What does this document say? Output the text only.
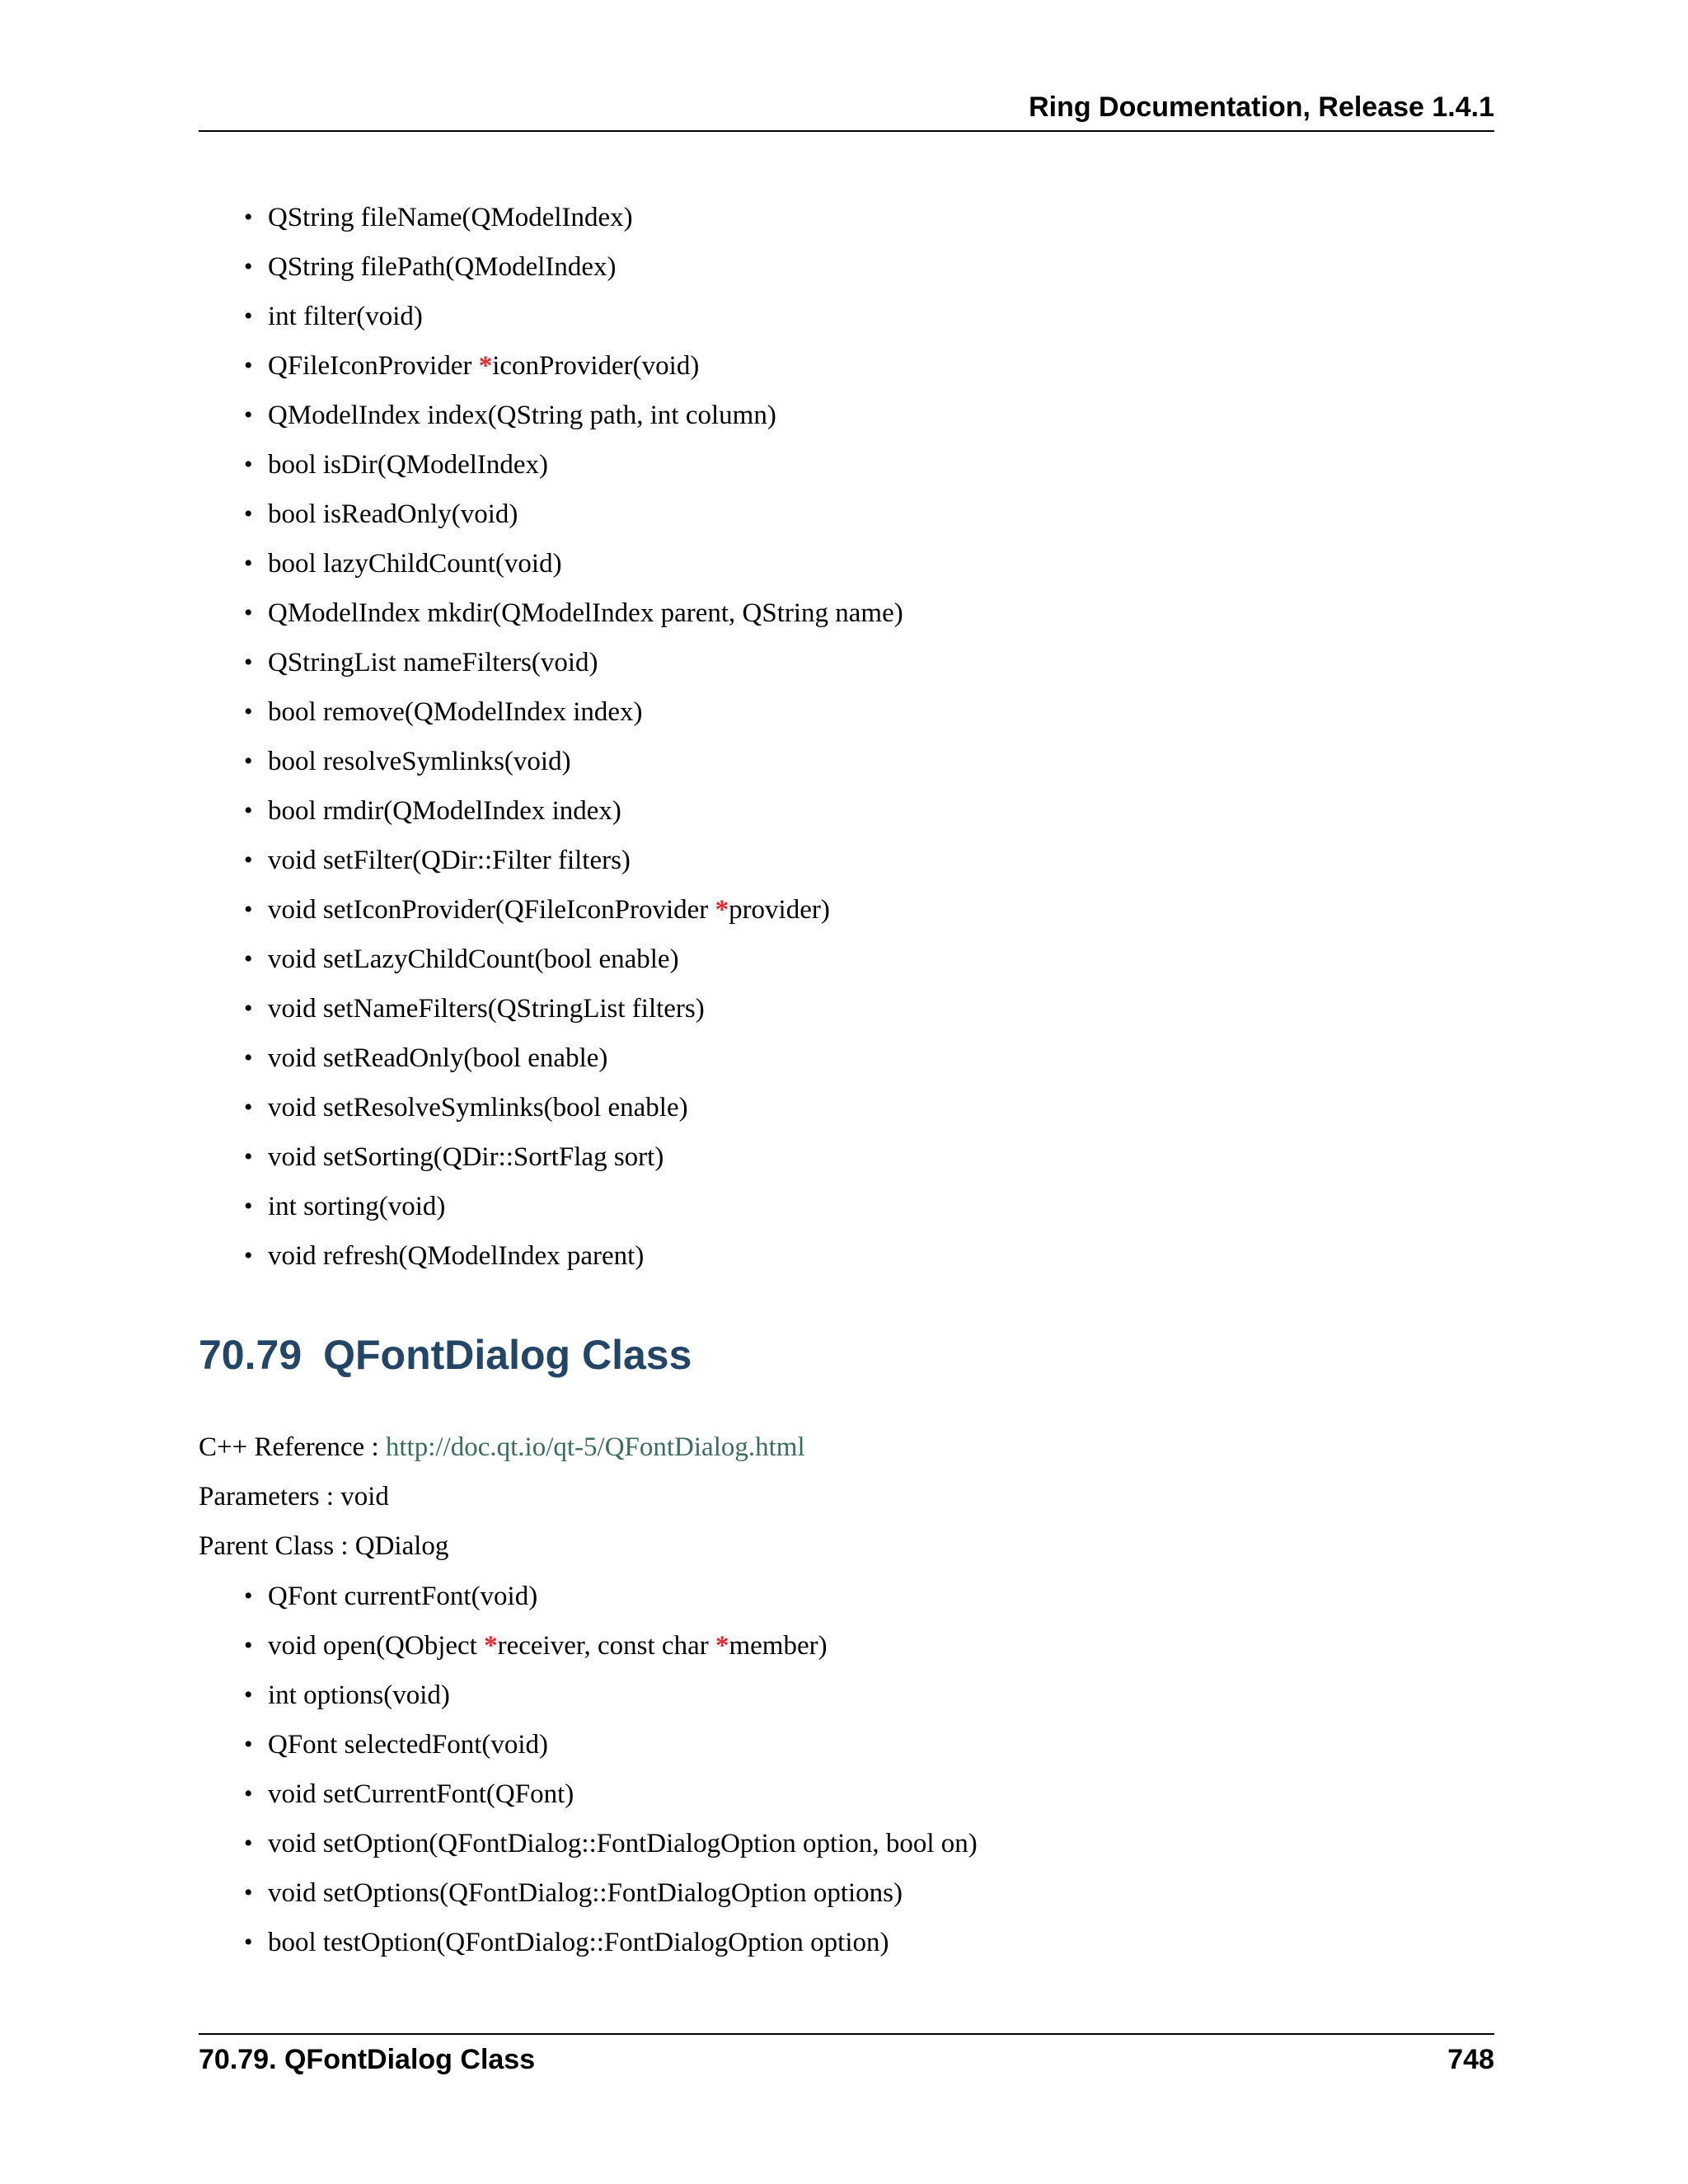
Ring Documentation, Release 1.4.1
• QString fileName(QModelIndex)
• QString filePath(QModelIndex)
• int filter(void)
• QFileIconProvider *iconProvider(void)
• QModelIndex index(QString path, int column)
• bool isDir(QModelIndex)
• bool isReadOnly(void)
• bool lazyChildCount(void)
• QModelIndex mkdir(QModelIndex parent, QString name)
• QStringList nameFilters(void)
• bool remove(QModelIndex index)
• bool resolveSymlinks(void)
• bool rmdir(QModelIndex index)
• void setFilter(QDir::Filter filters)
• void setIconProvider(QFileIconProvider *provider)
• void setLazyChildCount(bool enable)
• void setNameFilters(QStringList filters)
• void setReadOnly(bool enable)
• void setResolveSymlinks(bool enable)
• void setSorting(QDir::SortFlag sort)
• int sorting(void)
• void refresh(QModelIndex parent)
70.79 QFontDialog Class
C++ Reference : http://doc.qt.io/qt-5/QFontDialog.html
Parameters : void
Parent Class : QDialog
• QFont currentFont(void)
• void open(QObject *receiver, const char *member)
• int options(void)
• QFont selectedFont(void)
• void setCurrentFont(QFont)
• void setOption(QFontDialog::FontDialogOption option, bool on)
• void setOptions(QFontDialog::FontDialogOption options)
• bool testOption(QFontDialog::FontDialogOption option)
70.79. QFontDialog Class	748
